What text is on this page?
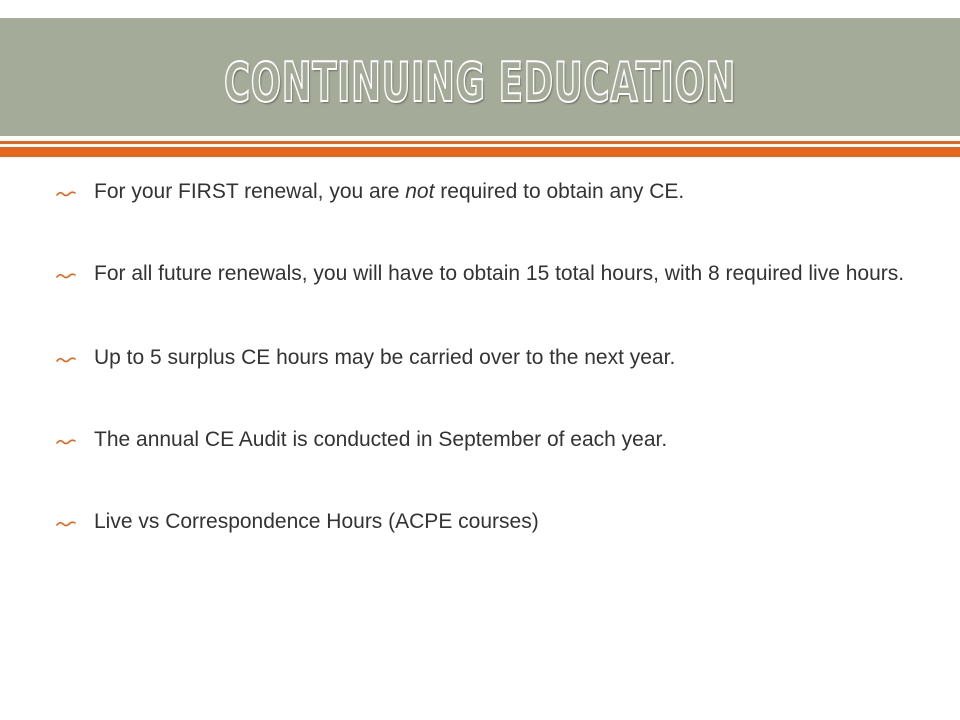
CONTINUING EDUCATION
For your FIRST renewal, you are not required to obtain any CE.
For all future renewals, you will have to obtain 15 total hours, with 8 required live hours.
Up to 5 surplus CE hours may be carried over to the next year.
The annual CE Audit is conducted in September of each year.
Live vs Correspondence Hours (ACPE courses)
